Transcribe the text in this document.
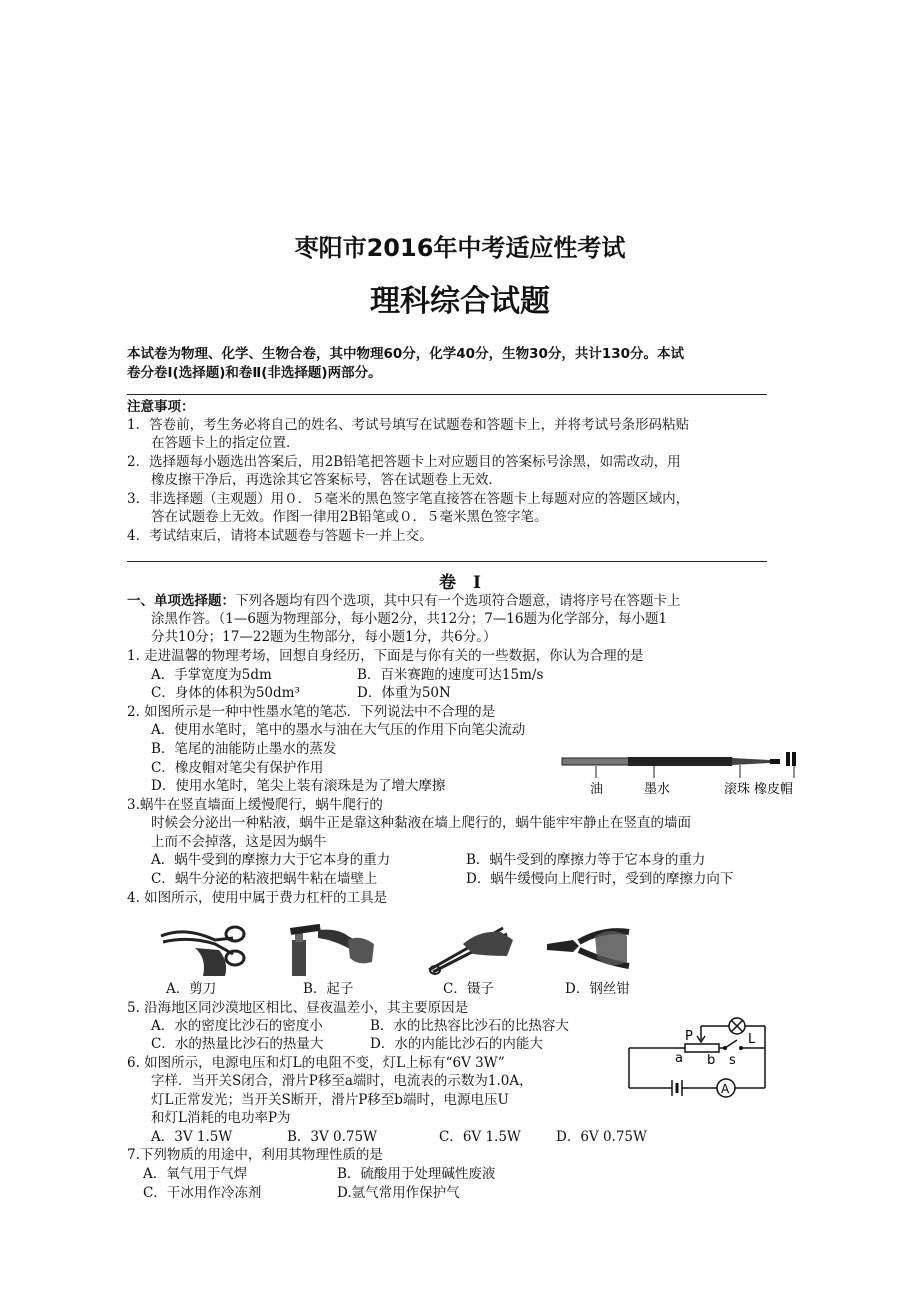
枣阳市2016年中考适应性考试
理科综合试题
本试卷为物理、化学、生物合卷，其中物理60分，化学40分，生物30分，共计130分。本试
卷分卷Ⅰ(选择题)和卷Ⅱ(非选择题)两部分。
注意事项：
1．答卷前，考生务必将自己的姓名、考试号填写在试题卷和答题卡上，并将考试号条形码粘贴
在答题卡上的指定位置．
2．选择题每小题选出答案后，用2B铅笔把答题卡上对应题目的答案标号涂黑，如需改动，用
橡皮擦干净后，再选涂其它答案标号，答在试题卷上无效．
3．非选择题（主观题）用０．５毫米的黑色签字笔直接答在答题卡上每题对应的答题区域内，
答在试题卷上无效。作图一律用2B铅笔或０．５毫米黑色签字笔。
4．考试结束后，请将本试题卷与答题卡一并上交。
卷　Ⅰ
一、单项选择题：下列各题均有四个选项，其中只有一个选项符合题意，请将序号在答题卡上
涂黑作答。（1—6题为物理部分，每小题2分，共12分；7—16题为化学部分，每小题1
分共10分；17—22题为生物部分，每小题1分，共6分。）
1. 走进温馨的物理考场，回想自身经历，下面是与你有关的一些数据，你认为合理的是
A．手掌宽度为5dm	B．百米赛跑的速度可达15m/s
C．身体的体积为50dm³	D．体重为50N
2. 如图所示是一种中性墨水笔的笔芯．下列说法中不合理的是
A．使用水笔时，笔中的墨水与油在大气压的作用下向笔尖流动
B．笔尾的油能防止墨水的蒸发
C．橡皮帽对笔尖有保护作用
D．使用水笔时，笔尖上装有滚珠是为了增大摩擦	油	墨水	滚珠 橡皮帽
3.蜗牛在竖直墙面上缓慢爬行，蜗牛爬行的
时候会分泌出一种粘液，蜗牛正是靠这种黏液在墙上爬行的，蜗牛能牢牢静止在竖直的墙面
上而不会掉落，这是因为蜗牛
A．蜗牛受到的摩擦力大于它本身的重力	B．蜗牛受到的摩擦力等于它本身的重力
C．蜗牛分泌的粘液把蜗牛粘在墙壁上	D．蜗牛缓慢向上爬行时，受到的摩擦力向下
4. 如图所示，使用中属于费力杠杆的工具是
A．剪刀	B．起子	C．镊子	D．钢丝钳
5. 沿海地区同沙漠地区相比、昼夜温差小，其主要原因是
A．水的密度比沙石的密度小	B．水的比热容比沙石的比热容大
C．水的热量比沙石的热量大	D．水的内能比沙石的内能大
6. 如图所示，电源电压和灯L的电阻不变，灯L上标有“6V 3W”
字样．当开关S闭合，滑片P移至a端时，电流表的示数为1.0A，
灯L正常发光；当开关S断开，滑片P移至b端时，电源电压U
和灯L消耗的电功率P为
A．3V 1.5W	B．3V 0.75W	C．6V 1.5W	D．6V 0.75W
P	L
a b s
A
7.下列物质的用途中，利用其物理性质的是
A．氧气用于气焊	B．硫酸用于处理碱性废液
C．干冰用作冷冻剂	D.氩气常用作保护气
